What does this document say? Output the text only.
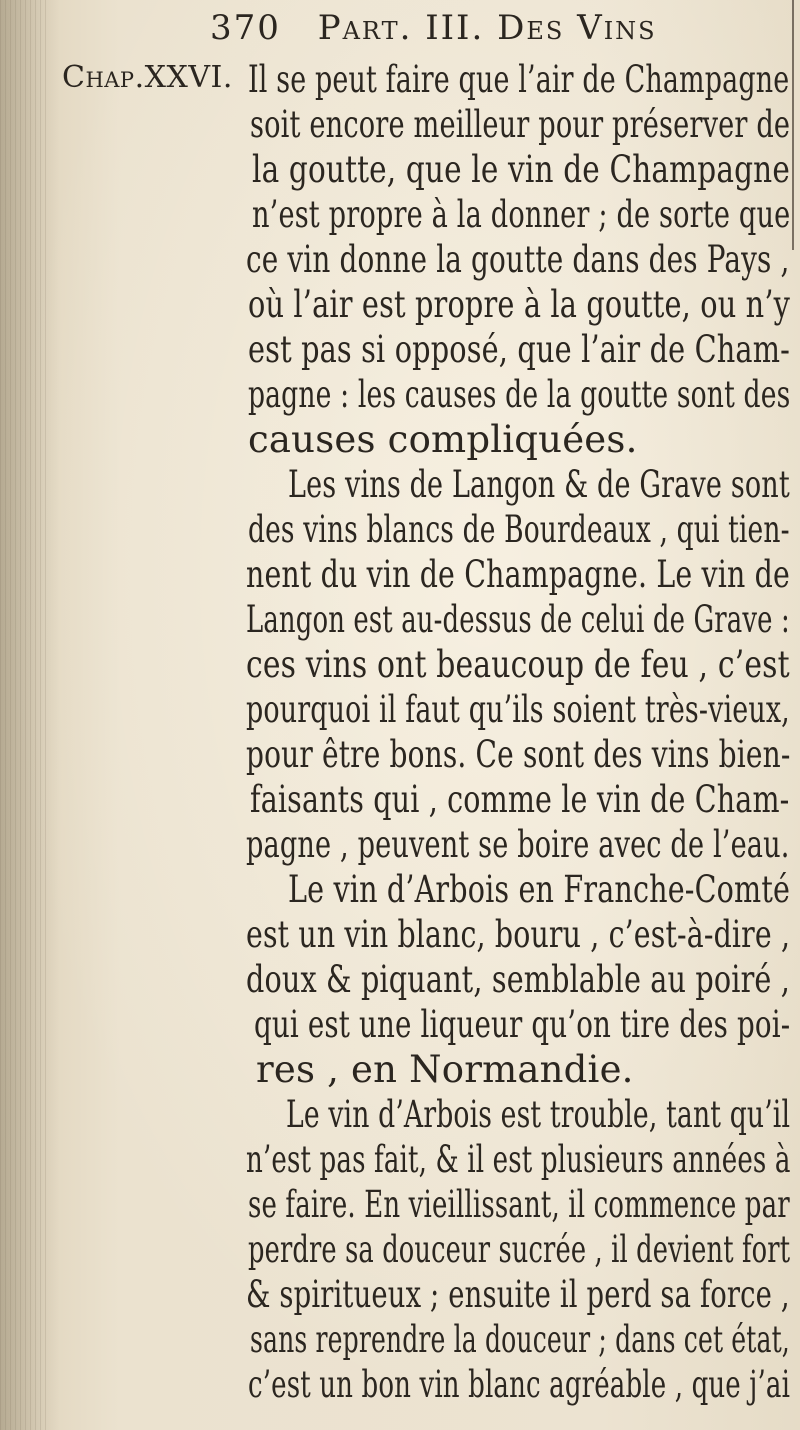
370 Part. III. Des Vins
Chap.XXVI. Il se peut faire que l’air de Champagne
soit encore meilleur pour préserver de
la goutte, que le vin de Champagne
n’est propre à la donner ; de sorte que
ce vin donne la goutte dans des Pays ,
où l’air est propre à la goutte, ou n’y
est pas si opposé, que l’air de Cham-
pagne : les causes de la goutte sont des
causes compliquées.
Les vins de Langon & de Grave sont
des vins blancs de Bourdeaux , qui tien-
nent du vin de Champagne. Le vin de
Langon est au-dessus de celui de Grave :
ces vins ont beaucoup de feu , c’est
pourquoi il faut qu’ils soient très-vieux,
pour être bons. Ce sont des vins bien-
faisants qui , comme le vin de Cham-
pagne , peuvent se boire avec de l’eau.
Le vin d’Arbois en Franche-Comté
est un vin blanc, bouru , c’est-à-dire ,
doux & piquant, semblable au poiré ,
qui est une liqueur qu’on tire des poi-
res , en Normandie.
Le vin d’Arbois est trouble, tant qu’il
n’est pas fait, & il est plusieurs années à
se faire. En vieillissant, il commence par
perdre sa douceur sucrée , il devient fort
& spiritueux ; ensuite il perd sa force ,
sans reprendre la douceur ; dans cet état,
c’est un bon vin blanc agréable , que j’ai
